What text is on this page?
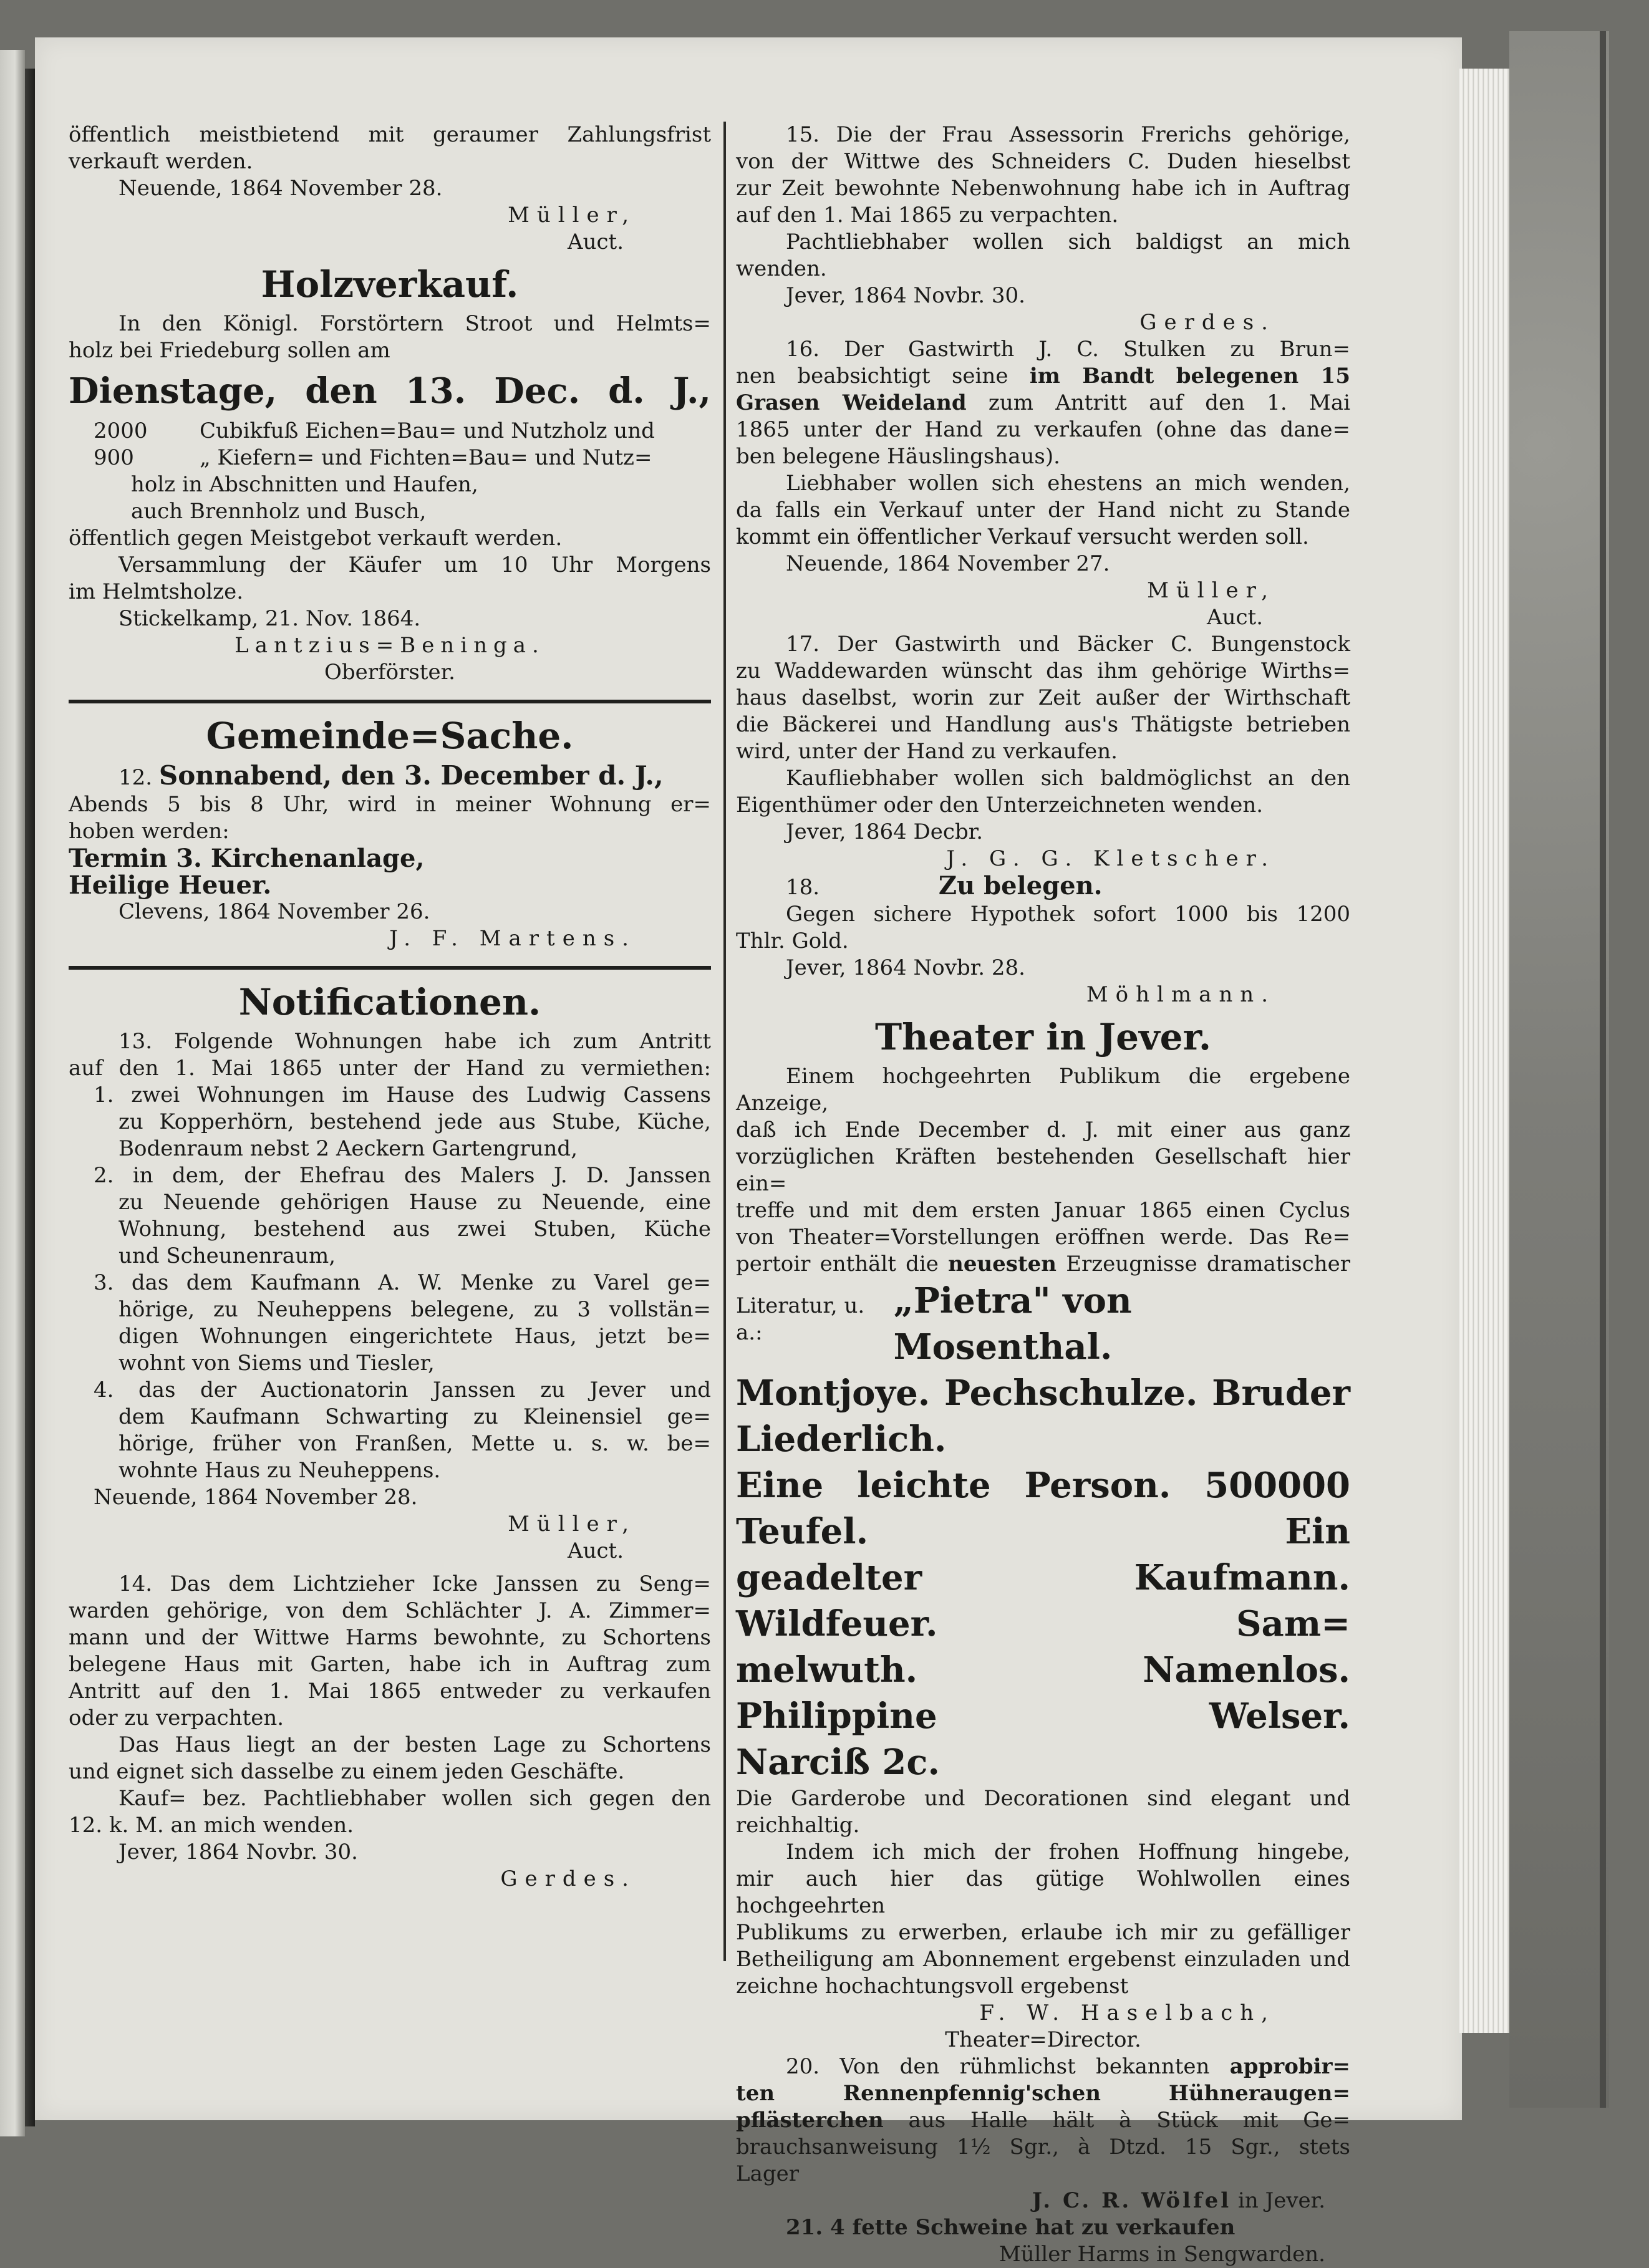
öffentlich meistbietend mit geraumer Zahlungsfrist
verkauft werden.
Neuende, 1864 November 28.
Müller,
Auct.
Holzverkauf.
In den Königl. Forstörtern Stroot und Helmts=
holz bei Friedeburg sollen am
Dienstage, den 13. Dec. d. J.,
2000	Cubikfuß Eichen=Bau= und Nutzholz und
900	„ Kiefern= und Fichten=Bau= und Nutz=
holz in Abschnitten und Haufen,
auch Brennholz und Busch,
öffentlich gegen Meistgebot verkauft werden.
Versammlung der Käufer um 10 Uhr Morgens
im Helmtsholze.
Stickelkamp, 21. Nov. 1864.
Lantzius=Beninga.
Oberförster.
Gemeinde=Sache.
12. Sonnabend, den 3. December d. J.,
Abends 5 bis 8 Uhr, wird in meiner Wohnung er=
hoben werden:
Termin 3. Kirchenanlage,
Heilige Heuer.
Clevens, 1864 November 26.
J. F. Martens.
Notificationen.
13. Folgende Wohnungen habe ich zum Antritt
auf den 1. Mai 1865 unter der Hand zu vermiethen:
1. zwei Wohnungen im Hause des Ludwig Cassens
zu Kopperhörn, bestehend jede aus Stube, Küche,
Bodenraum nebst 2 Aeckern Gartengrund,
2. in dem, der Ehefrau des Malers J. D. Janssen
zu Neuende gehörigen Hause zu Neuende, eine
Wohnung, bestehend aus zwei Stuben, Küche
und Scheunenraum,
3. das dem Kaufmann A. W. Menke zu Varel ge=
hörige, zu Neuheppens belegene, zu 3 vollstän=
digen Wohnungen eingerichtete Haus, jetzt be=
wohnt von Siems und Tiesler,
4. das der Auctionatorin Janssen zu Jever und
dem Kaufmann Schwarting zu Kleinensiel ge=
hörige, früher von Franßen, Mette u. s. w. be=
wohnte Haus zu Neuheppens.
Neuende, 1864 November 28.
Müller,
Auct.
14. Das dem Lichtzieher Icke Janssen zu Seng=
warden gehörige, von dem Schlächter J. A. Zimmer=
mann und der Wittwe Harms bewohnte, zu Schortens
belegene Haus mit Garten, habe ich in Auftrag zum
Antritt auf den 1. Mai 1865 entweder zu verkaufen
oder zu verpachten.
Das Haus liegt an der besten Lage zu Schortens
und eignet sich dasselbe zu einem jeden Geschäfte.
Kauf= bez. Pachtliebhaber wollen sich gegen den
12. k. M. an mich wenden.
Jever, 1864 Novbr. 30.
Gerdes.
15. Die der Frau Assessorin Frerichs gehörige,
von der Wittwe des Schneiders C. Duden hieselbst
zur Zeit bewohnte Nebenwohnung habe ich in Auftrag
auf den 1. Mai 1865 zu verpachten.
Pachtliebhaber wollen sich baldigst an mich wenden.
Jever, 1864 Novbr. 30.
Gerdes.
16. Der Gastwirth J. C. Stulken zu Brun=
nen beabsichtigt seine im Bandt belegenen 15
Grasen Weideland zum Antritt auf den 1. Mai
1865 unter der Hand zu verkaufen (ohne das dane=
ben belegene Häuslingshaus).
Liebhaber wollen sich ehestens an mich wenden,
da falls ein Verkauf unter der Hand nicht zu Stande
kommt ein öffentlicher Verkauf versucht werden soll.
Neuende, 1864 November 27.
Müller,
Auct.
17. Der Gastwirth und Bäcker C. Bungenstock
zu Waddewarden wünscht das ihm gehörige Wirths=
haus daselbst, worin zur Zeit außer der Wirthschaft
die Bäckerei und Handlung aus's Thätigste betrieben
wird, unter der Hand zu verkaufen.
Kaufliebhaber wollen sich baldmöglichst an den
Eigenthümer oder den Unterzeichneten wenden.
Jever, 1864 Decbr.
J. G. G. Kletscher.
18.	Zu belegen.
Gegen sichere Hypothek sofort 1000 bis 1200
Thlr. Gold.
Jever, 1864 Novbr. 28.
Möhlmann.
Theater in Jever.
Einem hochgeehrten Publikum die ergebene Anzeige,
daß ich Ende December d. J. mit einer aus ganz
vorzüglichen Kräften bestehenden Gesellschaft hier ein=
treffe und mit dem ersten Januar 1865 einen Cyclus
von Theater=Vorstellungen eröffnen werde. Das Re=
pertoir enthält die neuesten Erzeugnisse dramatischer
Literatur, u. a.:
„Pietra" von Mosenthal.
Montjoye. Pechschulze. Bruder Liederlich.
Eine leichte Person. 500000 Teufel. Ein
geadelter Kaufmann. Wildfeuer. Sam=
melwuth. Namenlos. Philippine Welser.
Narciß 2c.
Die Garderobe und Decorationen sind elegant und
reichhaltig.
Indem ich mich der frohen Hoffnung hingebe,
mir auch hier das gütige Wohlwollen eines hochgeehrten
Publikums zu erwerben, erlaube ich mir zu gefälliger
Betheiligung am Abonnement ergebenst einzuladen und
zeichne hochachtungsvoll ergebenst
F. W. Haselbach,
Theater=Director.
20. Von den rühmlichst bekannten approbir=
ten Rennenpfennig'schen	Hühneraugen=
pflästerchen aus Halle hält à Stück mit Ge=
brauchsanweisung 1½ Sgr., à Dtzd. 15 Sgr., stets
Lager
J. C. R. Wölfel in Jever.
21. 4 fette Schweine hat zu verkaufen
Müller Harms in Sengwarden.
